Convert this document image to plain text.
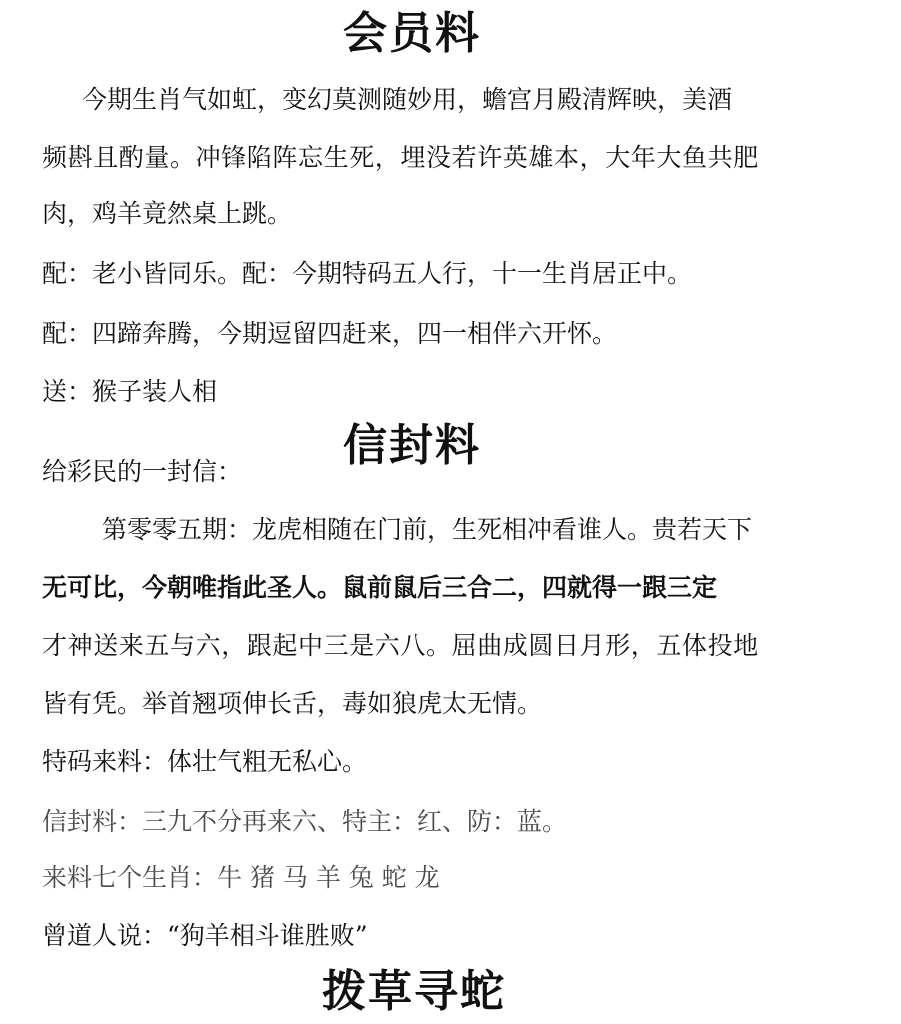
会员料
今期生肖气如虹，变幻莫测随妙用，蟾宫月殿清辉映，美酒
频斟且酌量。冲锋陷阵忘生死，埋没若许英雄本，大年大鱼共肥
肉，鸡羊竟然桌上跳。
配：老小皆同乐。配：今期特码五人行，十一生肖居正中。
配：四蹄奔腾，今期逗留四赶来，四一相伴六开怀。
送：猴子装人相
信封料
给彩民的一封信：
第零零五期：龙虎相随在门前，生死相冲看谁人。贵若天下
无可比，今朝唯指此圣人。鼠前鼠后三合二，四就得一跟三定
才神送来五与六，跟起中三是六八。屈曲成圆日月形，五体投地
皆有凭。举首翘项伸长舌，毒如狼虎太无情。
特码来料：体壮气粗无私心。
信封料：三九不分再来六、特主：红、防：蓝。
来料七个生肖：牛 猪 马 羊 兔 蛇 龙
曾道人说：“狗羊相斗谁胜败”
拨草寻蛇
